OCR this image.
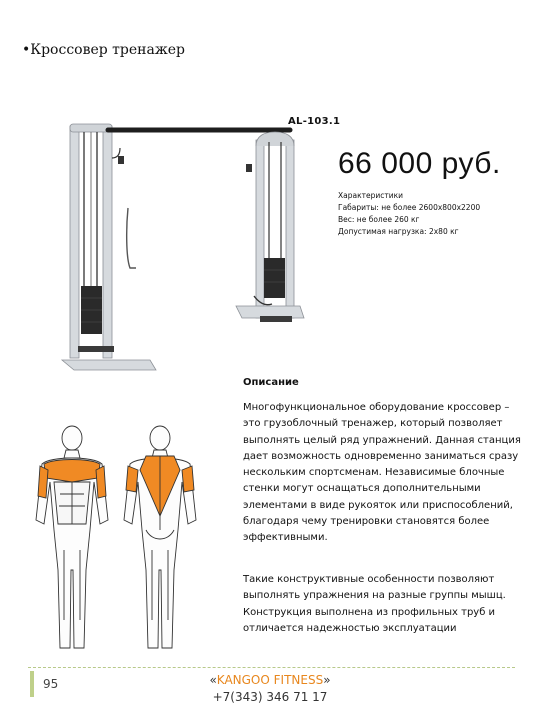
•Кроссовер тренажер
AL-103.1
66 000 руб.
Характеристики
Габариты: не более 2600х800х2200
Вес: не более 260 кг
Допустимая нагрузка: 2х80 кг
Описание
Многофункциональное оборудование кроссовер – это грузоблочный тренажер, который позволяет выполнять целый ряд упражнений. Данная станция дает возможность одновременно заниматься сразу нескольким спортсменам. Независимые блочные стенки могут оснащаться дополнительными элементами в виде рукояток или приспособлений, благодаря чему тренировки становятся более эффективными.
Такие конструктивные особенности позволяют выполнять упражнения на разные группы мышц. Конструкция выполнена из профильных труб и отличается надежностью эксплуатации
95	«KANGOO FITNESS»
+7(343) 346 71 17
